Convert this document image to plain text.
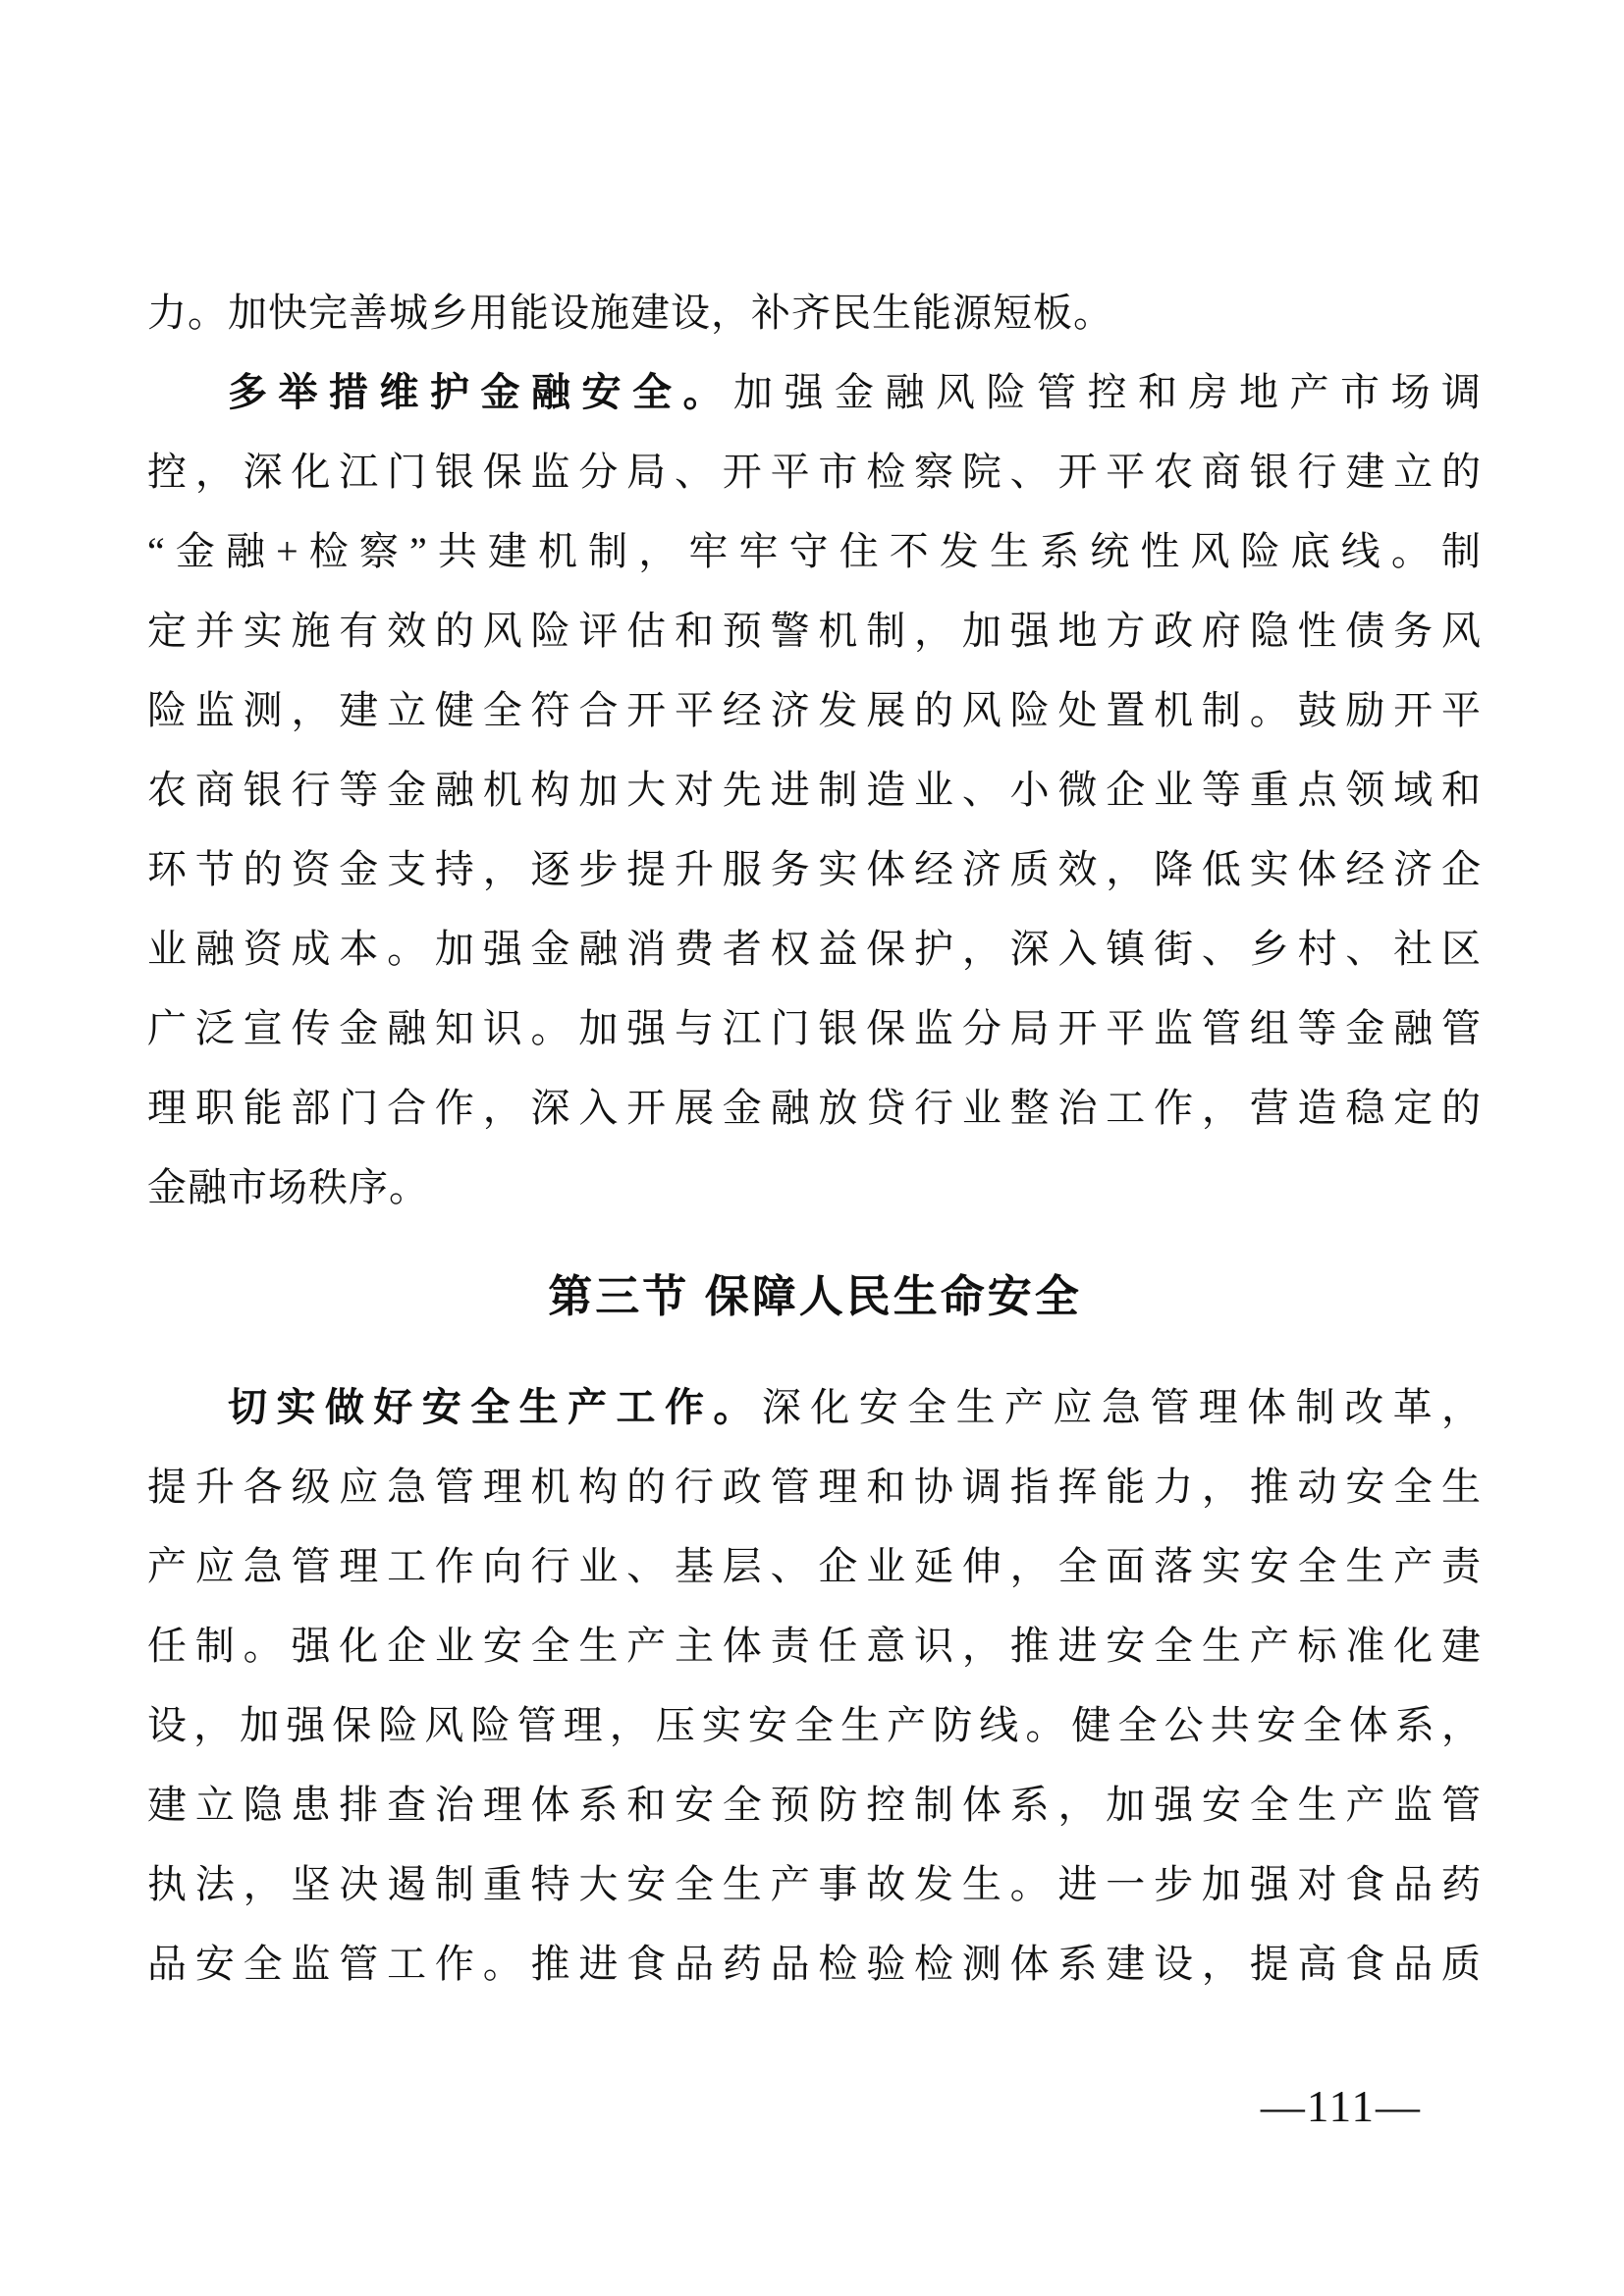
力。加快完善城乡用能设施建设，补齐民生能源短板。
多举措维护金融安全。加强金融风险管控和房地产市场调
控，深化江门银保监分局、开平市检察院、开平农商银行建立的
“金融+检察”共建机制，牢牢守住不发生系统性风险底线。制
定并实施有效的风险评估和预警机制，加强地方政府隐性债务风
险监测，建立健全符合开平经济发展的风险处置机制。鼓励开平
农商银行等金融机构加大对先进制造业、小微企业等重点领域和
环节的资金支持，逐步提升服务实体经济质效，降低实体经济企
业融资成本。加强金融消费者权益保护，深入镇街、乡村、社区
广泛宣传金融知识。加强与江门银保监分局开平监管组等金融管
理职能部门合作，深入开展金融放贷行业整治工作，营造稳定的
金融市场秩序。
第三节 保障人民生命安全
切实做好安全生产工作。深化安全生产应急管理体制改革，
提升各级应急管理机构的行政管理和协调指挥能力，推动安全生
产应急管理工作向行业、基层、企业延伸，全面落实安全生产责
任制。强化企业安全生产主体责任意识，推进安全生产标准化建
设，加强保险风险管理，压实安全生产防线。健全公共安全体系，
建立隐患排查治理体系和安全预防控制体系，加强安全生产监管
执法，坚决遏制重特大安全生产事故发生。进一步加强对食品药
品安全监管工作。推进食品药品检验检测体系建设，提高食品质
—111—
